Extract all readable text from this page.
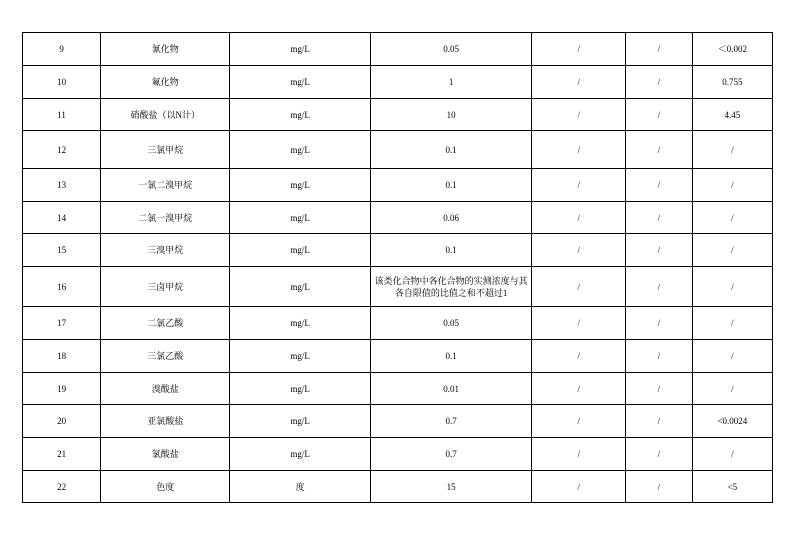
9	氰化物	mg/L	0.05	/	/	＜0.002
10	氟化物	mg/L	1	/	/	0.755
11	硝酸盐（以N计）	mg/L	10	/	/	4.45
12	三氯甲烷	mg/L	0.1	/	/	/
13	一氯二溴甲烷	mg/L	0.1	/	/	/
14	二氯一溴甲烷	mg/L	0.06	/	/	/
15	三溴甲烷	mg/L	0.1	/	/	/
16	三卤甲烷	mg/L	该类化合物中各化合物的实测浓度与其各自限值的比值之和不超过1	/	/	/
17	二氯乙酸	mg/L	0.05	/	/	/
18	三氯乙酸	mg/L	0.1	/	/	/
19	溴酸盐	mg/L	0.01	/	/	/
20	亚氯酸盐	mg/L	0.7	/	/	<0.0024
21	氯酸盐	mg/L	0.7	/	/	/
22	色度	度	15	/	/	<5
